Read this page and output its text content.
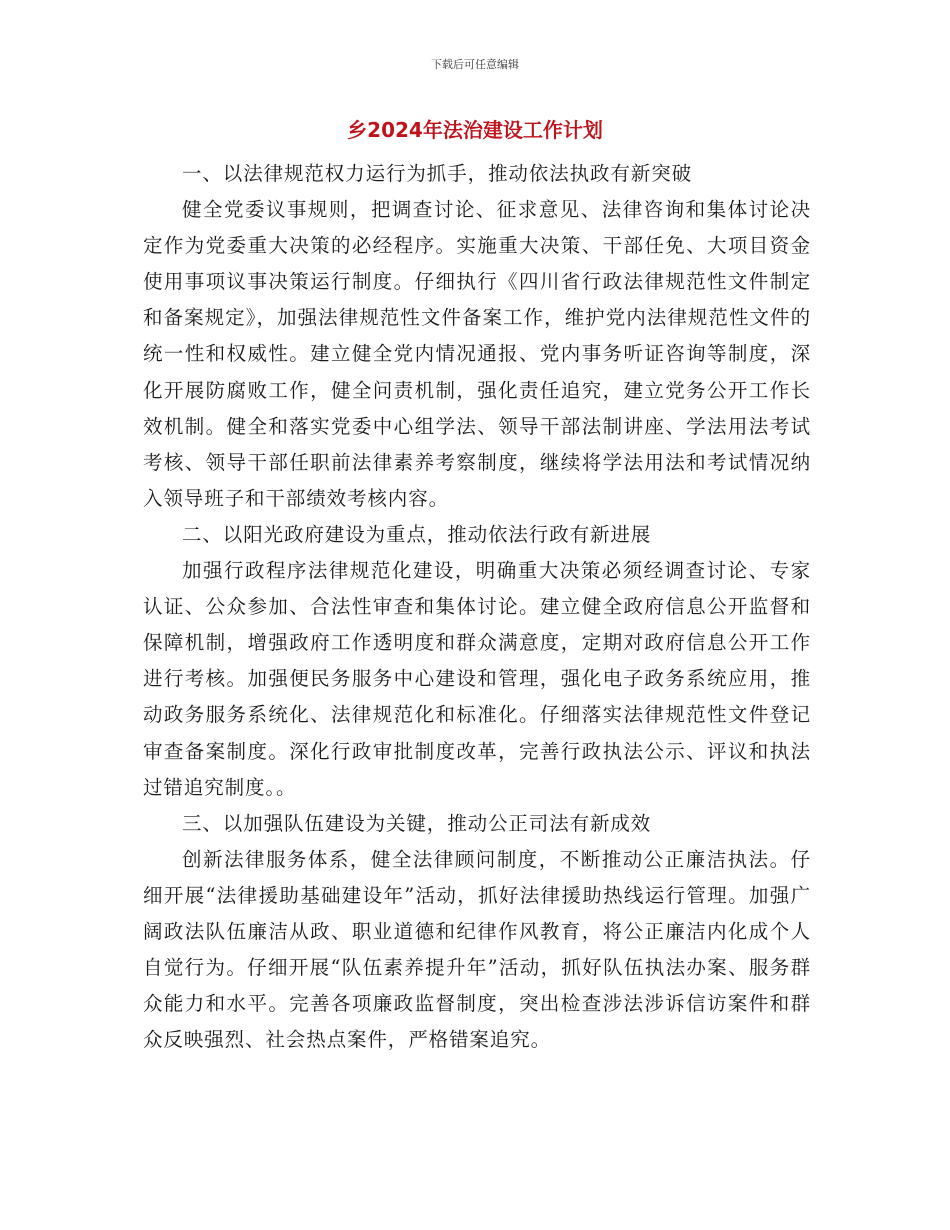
下载后可任意编辑
乡2024年法治建设工作计划

一、以法律规范权力运行为抓手，推动依法执政有新突破

健全党委议事规则，把调查讨论、征求意见、法律咨询和集体讨论决定作为党委重大决策的必经程序。实施重大决策、干部任免、大项目资金使用事项议事决策运行制度。仔细执行《四川省行政法律规范性文件制定和备案规定》，加强法律规范性文件备案工作，维护党内法律规范性文件的统一性和权威性。建立健全党内情况通报、党内事务听证咨询等制度，深化开展防腐败工作，健全问责机制，强化责任追究，建立党务公开工作长效机制。健全和落实党委中心组学法、领导干部法制讲座、学法用法考试考核、领导干部任职前法律素养考察制度，继续将学法用法和考试情况纳入领导班子和干部绩效考核内容。

二、以阳光政府建设为重点，推动依法行政有新进展

加强行政程序法律规范化建设，明确重大决策必须经调查讨论、专家认证、公众参加、合法性审查和集体讨论。建立健全政府信息公开监督和保障机制，增强政府工作透明度和群众满意度，定期对政府信息公开工作进行考核。加强便民务服务中心建设和管理，强化电子政务系统应用，推动政务服务系统化、法律规范化和标准化。仔细落实法律规范性文件登记审查备案制度。深化行政审批制度改革，完善行政执法公示、评议和执法过错追究制度。。

三、以加强队伍建设为关键，推动公正司法有新成效

创新法律服务体系，健全法律顾问制度，不断推动公正廉洁执法。仔细开展“法律援助基础建设年”活动，抓好法律援助热线运行管理。加强广阔政法队伍廉洁从政、职业道德和纪律作风教育，将公正廉洁内化成个人自觉行为。仔细开展“队伍素养提升年”活动，抓好队伍执法办案、服务群众能力和水平。完善各项廉政监督制度，突出检查涉法涉诉信访案件和群众反映强烈、社会热点案件，严格错案追究。
